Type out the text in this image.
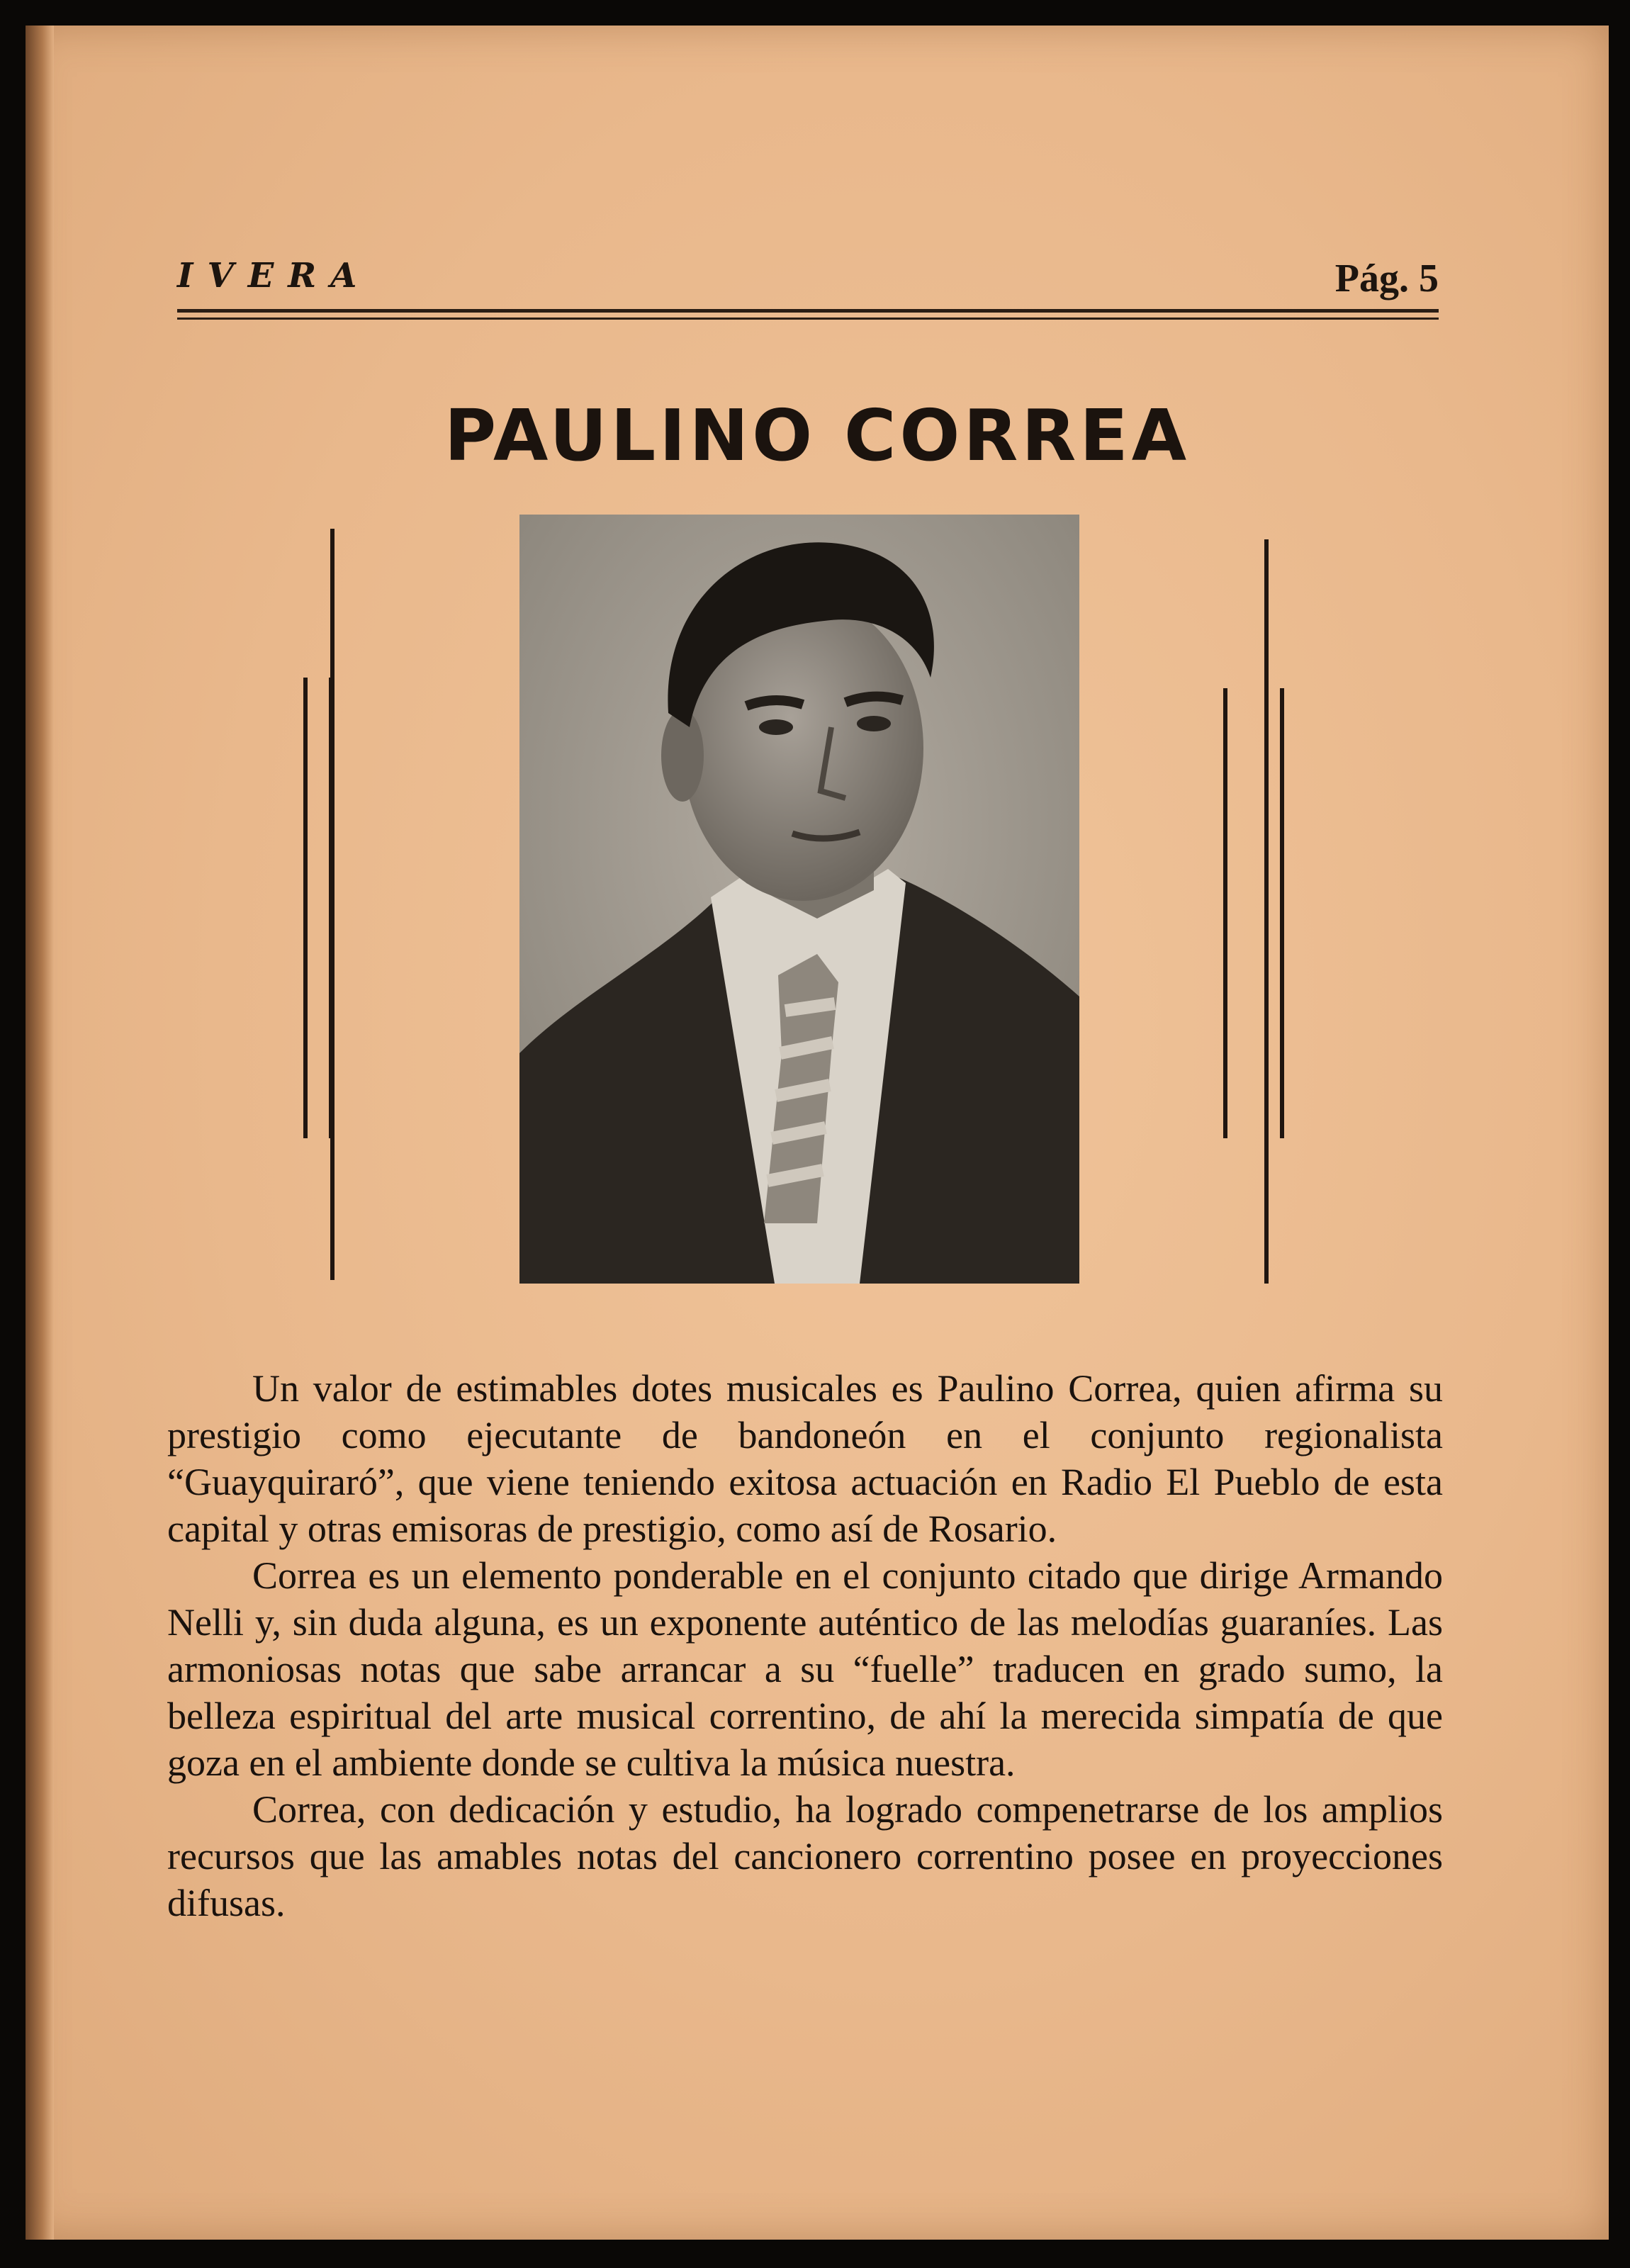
IVERA	Pág. 5
PAULINO CORREA

Un valor de estimables dotes musicales es Paulino Correa, quien afirma su prestigio como ejecutante de bandoneón en el conjunto regionalista “Guayquiraró”, que viene teniendo exitosa actuación en Radio El Pueblo de esta capital y otras emisoras de prestigio, como así de Rosario.

Correa es un elemento ponderable en el conjunto citado que dirige Armando Nelli y, sin duda alguna, es un exponente auténtico de las melodías guaraníes. Las armoniosas notas que sabe arrancar a su “fuelle” traducen en grado sumo, la belleza espiritual del arte musical correntino, de ahí la merecida simpatía de que goza en el ambiente donde se cultiva la música nuestra.

Correa, con dedicación y estudio, ha logrado compenetrarse de los amplios recursos que las amables notas del cancionero correntino posee en proyecciones difusas.
